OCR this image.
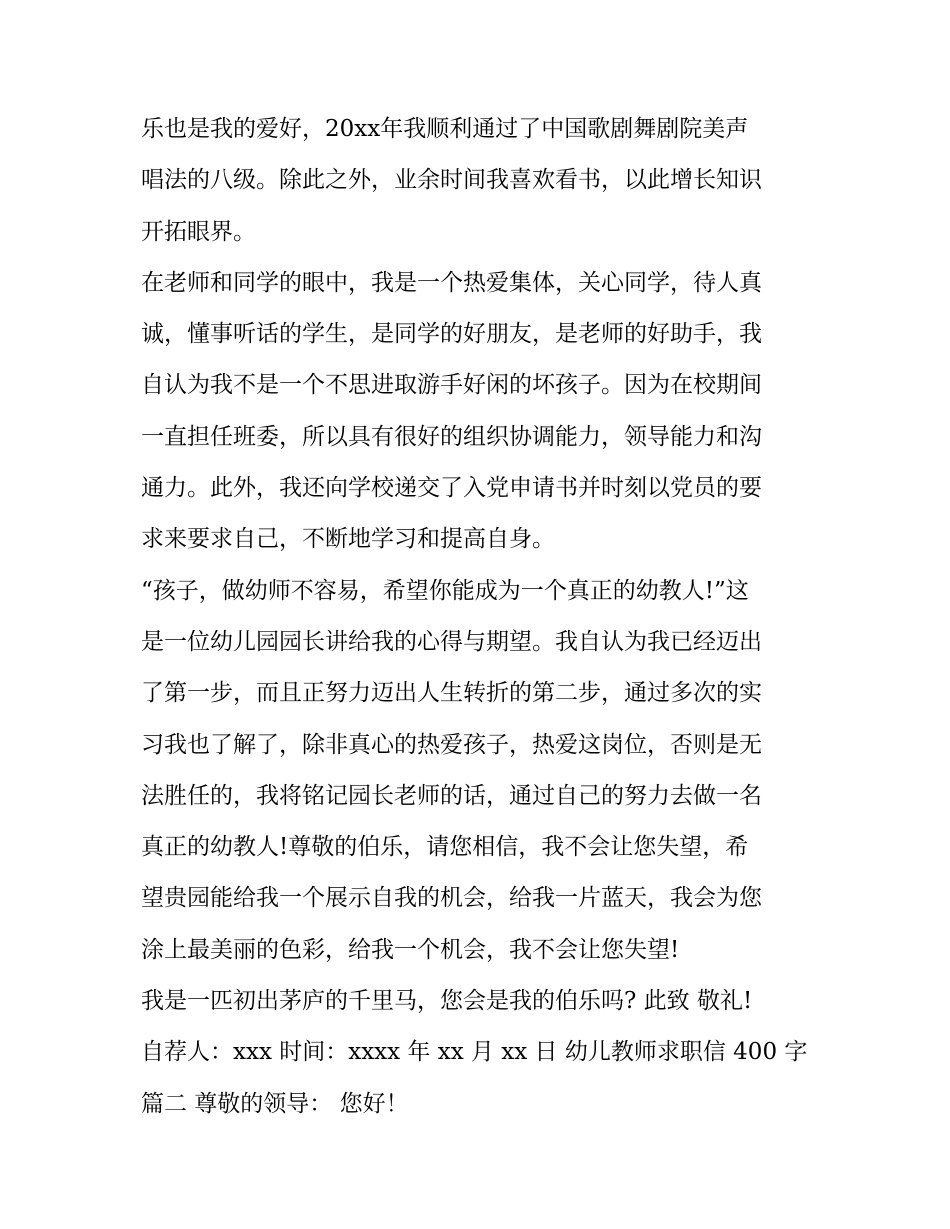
乐也是我的爱好，20xx年我顺利通过了中国歌剧舞剧院美声
唱法的八级。除此之外，业余时间我喜欢看书，以此增长知识
开拓眼界。
在老师和同学的眼中，我是一个热爱集体，关心同学，待人真
诚，懂事听话的学生，是同学的好朋友，是老师的好助手，我
自认为我不是一个不思进取游手好闲的坏孩子。因为在校期间
一直担任班委，所以具有很好的组织协调能力，领导能力和沟
通力。此外，我还向学校递交了入党申请书并时刻以党员的要
求来要求自己，不断地学习和提高自身。
“孩子，做幼师不容易，希望你能成为一个真正的幼教人!”这
是一位幼儿园园长讲给我的心得与期望。我自认为我已经迈出
了第一步，而且正努力迈出人生转折的第二步，通过多次的实
习我也了解了，除非真心的热爱孩子，热爱这岗位，否则是无
法胜任的，我将铭记园长老师的话，通过自己的努力去做一名
真正的幼教人!尊敬的伯乐，请您相信，我不会让您失望，希
望贵园能给我一个展示自我的机会，给我一片蓝天，我会为您
涂上最美丽的色彩，给我一个机会，我不会让您失望!
我是一匹初出茅庐的千里马，您会是我的伯乐吗? 此致 敬礼!
自荐人：xxx 时间：xxxx 年 xx 月 xx 日 幼儿教师求职信 400 字
篇二 尊敬的领导： 您好！
